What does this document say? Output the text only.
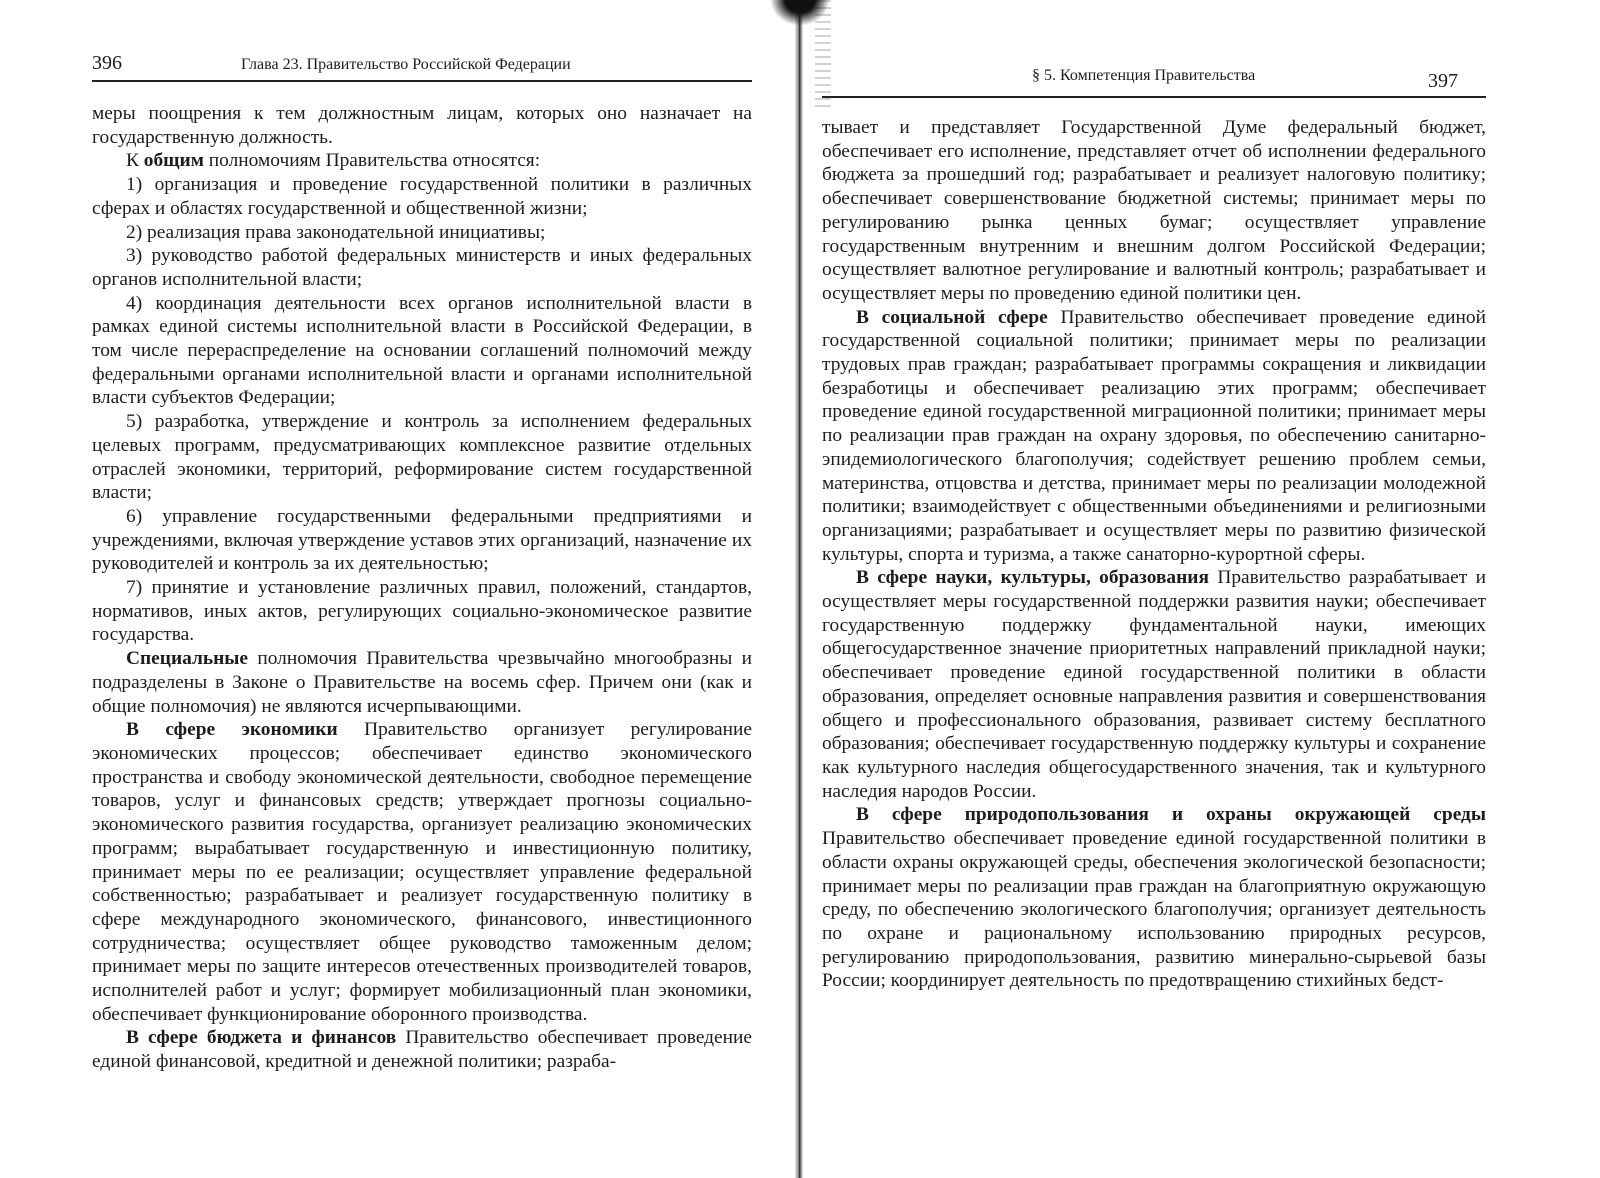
396	Глава 23. Правительство Российской Федерации

меры поощрения к тем должностным лицам, которых оно назначает на государственную должность.

К общим полномочиям Правительства относятся:

1) организация и проведение государственной политики в различных сферах и областях государственной и общественной жизни;

2) реализация права законодательной инициативы;

3) руководство работой федеральных министерств и иных федеральных органов исполнительной власти;

4) координация деятельности всех органов исполнительной власти в рамках единой системы исполнительной власти в Российской Федерации, в том числе перераспределение на основании соглашений полномочий между федеральными органами исполнительной власти и органами исполнительной власти субъектов Федерации;

5) разработка, утверждение и контроль за исполнением федеральных целевых программ, предусматривающих комплексное развитие отдельных отраслей экономики, территорий, реформирование систем государственной власти;

6) управление государственными федеральными предприятиями и учреждениями, включая утверждение уставов этих организаций, назначение их руководителей и контроль за их деятельностью;

7) принятие и установление различных правил, положений, стандартов, нормативов, иных актов, регулирующих социально-экономическое развитие государства.

Специальные полномочия Правительства чрезвычайно многообразны и подразделены в Законе о Правительстве на восемь сфер. Причем они (как и общие полномочия) не являются исчерпывающими.

В сфере экономики Правительство организует регулирование экономических процессов; обеспечивает единство экономического пространства и свободу экономической деятельности, свободное перемещение товаров, услуг и финансовых средств; утверждает прогнозы социально-экономического развития государства, организует реализацию экономических программ; вырабатывает государственную и инвестиционную политику, принимает меры по ее реализации; осуществляет управление федеральной собственностью; разрабатывает и реализует государственную политику в сфере международного экономического, финансового, инвестиционного сотрудничества; осуществляет общее руководство таможенным делом; принимает меры по защите интересов отечественных производителей товаров, исполнителей работ и услуг; формирует мобилизационный план экономики, обеспечивает функционирование оборонного производства.

В сфере бюджета и финансов Правительство обеспечивает проведение единой финансовой, кредитной и денежной политики; разраба-

§ 5. Компетенция Правительства	397

тывает и представляет Государственной Думе федеральный бюджет, обеспечивает его исполнение, представляет отчет об исполнении федерального бюджета за прошедший год; разрабатывает и реализует налоговую политику; обеспечивает совершенствование бюджетной системы; принимает меры по регулированию рынка ценных бумаг; осуществляет управление государственным внутренним и внешним долгом Российской Федерации; осуществляет валютное регулирование и валютный контроль; разрабатывает и осуществляет меры по проведению единой политики цен.

В социальной сфере Правительство обеспечивает проведение единой государственной социальной политики; принимает меры по реализации трудовых прав граждан; разрабатывает программы сокращения и ликвидации безработицы и обеспечивает реализацию этих программ; обеспечивает проведение единой государственной миграционной политики; принимает меры по реализации прав граждан на охрану здоровья, по обеспечению санитарно-эпидемиологического благополучия; содействует решению проблем семьи, материнства, отцовства и детства, принимает меры по реализации молодежной политики; взаимодействует с общественными объединениями и религиозными организациями; разрабатывает и осуществляет меры по развитию физической культуры, спорта и туризма, а также санаторно-курортной сферы.

В сфере науки, культуры, образования Правительство разрабатывает и осуществляет меры государственной поддержки развития науки; обеспечивает государственную поддержку фундаментальной науки, имеющих общегосударственное значение приоритетных направлений прикладной науки; обеспечивает проведение единой государственной политики в области образования, определяет основные направления развития и совершенствования общего и профессионального образования, развивает систему бесплатного образования; обеспечивает государственную поддержку культуры и сохранение как культурного наследия общегосударственного значения, так и культурного наследия народов России.

В сфере природопользования и охраны окружающей среды Правительство обеспечивает проведение единой государственной политики в области охраны окружающей среды, обеспечения экологической безопасности; принимает меры по реализации прав граждан на благоприятную окружающую среду, по обеспечению экологического благополучия; организует деятельность по охране и рациональному использованию природных ресурсов, регулированию природопользования, развитию минерально-сырьевой базы России; координирует деятельность по предотвращению стихийных бедст-
